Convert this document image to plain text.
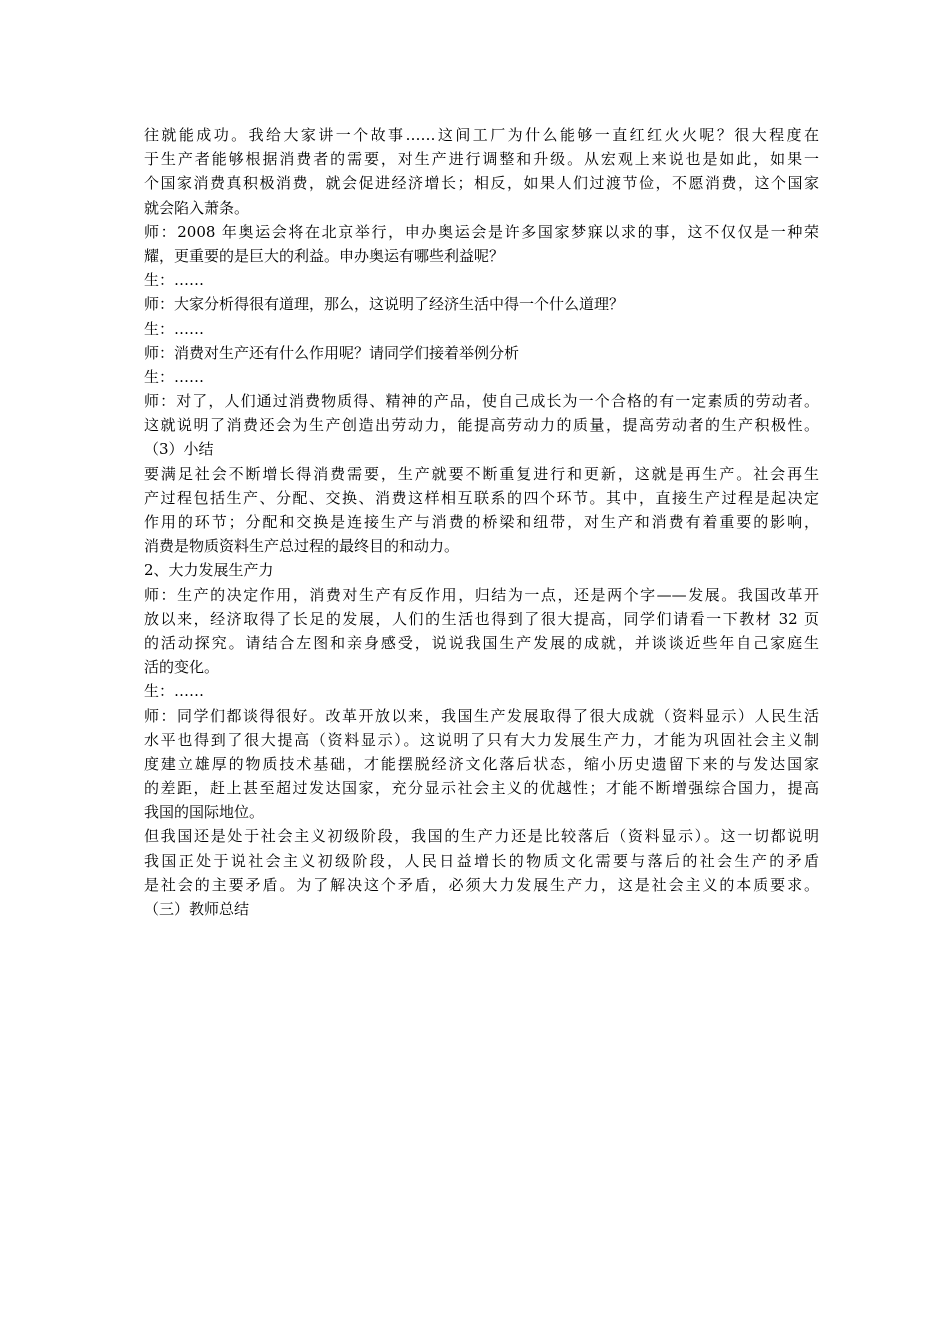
往就能成功。我给大家讲一个故事……这间工厂为什么能够一直红红火火呢？很大程度在
于生产者能够根据消费者的需要，对生产进行调整和升级。从宏观上来说也是如此，如果一
个国家消费真积极消费，就会促进经济增长；相反，如果人们过渡节俭，不愿消费，这个国家
就会陷入萧条。
师：2008 年奥运会将在北京举行，申办奥运会是许多国家梦寐以求的事，这不仅仅是一种荣
耀，更重要的是巨大的利益。申办奥运有哪些利益呢？
生：……
师：大家分析得很有道理，那么，这说明了经济生活中得一个什么道理？
生：……
师：消费对生产还有什么作用呢？请同学们接着举例分析
生：……
师：对了，人们通过消费物质得、精神的产品，使自己成长为一个合格的有一定素质的劳动者。
这就说明了消费还会为生产创造出劳动力，能提高劳动力的质量，提高劳动者的生产积极性。
（3）小结
要满足社会不断增长得消费需要，生产就要不断重复进行和更新，这就是再生产。社会再生
产过程包括生产、分配、交换、消费这样相互联系的四个环节。其中，直接生产过程是起决定
作用的环节；分配和交换是连接生产与消费的桥梁和纽带，对生产和消费有着重要的影响，
消费是物质资料生产总过程的最终目的和动力。
2、大力发展生产力
师：生产的决定作用，消费对生产有反作用，归结为一点，还是两个字——发展。我国改革开
放以来，经济取得了长足的发展，人们的生活也得到了很大提高，同学们请看一下教材 32 页
的活动探究。请结合左图和亲身感受，说说我国生产发展的成就，并谈谈近些年自己家庭生
活的变化。
生：……
师：同学们都谈得很好。改革开放以来，我国生产发展取得了很大成就（资料显示）人民生活
水平也得到了很大提高（资料显示）。这说明了只有大力发展生产力，才能为巩固社会主义制
度建立雄厚的物质技术基础，才能摆脱经济文化落后状态，缩小历史遗留下来的与发达国家
的差距，赶上甚至超过发达国家，充分显示社会主义的优越性；才能不断增强综合国力，提高
我国的国际地位。
但我国还是处于社会主义初级阶段，我国的生产力还是比较落后（资料显示）。这一切都说明
我国正处于说社会主义初级阶段，人民日益增长的物质文化需要与落后的社会生产的矛盾
是社会的主要矛盾。为了解决这个矛盾，必须大力发展生产力，这是社会主义的本质要求。
（三）教师总结
